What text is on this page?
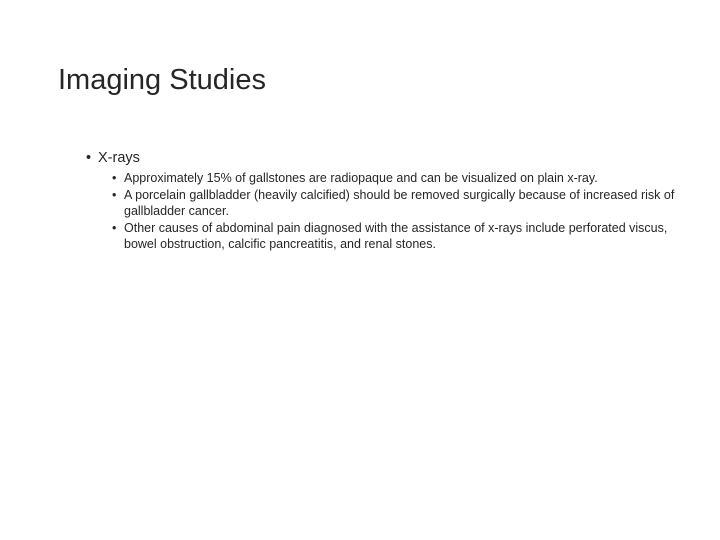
Imaging Studies
• X-rays
• Approximately 15% of gallstones are radiopaque and can be visualized on plain x-ray.
• A porcelain gallbladder (heavily calcified) should be removed surgically because of increased risk of gallbladder cancer.
• Other causes of abdominal pain diagnosed with the assistance of x-rays include perforated viscus, bowel obstruction, calcific pancreatitis, and renal stones.
